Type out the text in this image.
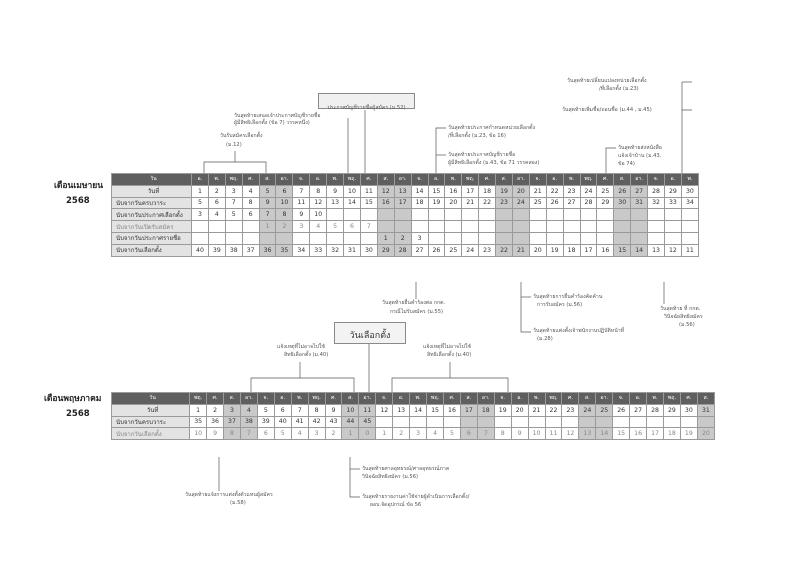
เดือนเมษายน
2568
วันรับสมัครเลือกตั้ง
(ม.12)
วันสุดท้ายเสนอเจ้าประกาศบัญชีรายชื่อ
ผู้มีสิทธิเลือกตั้ง (ข้อ 7) วรรคหนึ่ง)
ประกาศบัญชีรายชื่อผู้สมัคร (ม.52)
วันสุดท้ายประกาศกำหนดหน่วยเลือกตั้ง
/ที่เลือกตั้ง (ม.23, ข้อ 16)
วันสุดท้ายประกาศบัญชีรายชื่อ
ผู้มีสิทธิเลือกตั้ง (ม.43, ข้อ 71 วรรคสอง)
วันสุดท้ายเปลี่ยนแปลงหน่วยเลือกตั้ง
/ที่เลือกตั้ง (ม.23)
วันสุดท้ายเพิ่มชื่อ/ถอนชื่อ (ม.44 , ม.45)
วันสุดท้ายส่งหนังสือ
แจ้งเจ้าบ้าน (ม.43,
ข้อ 74)
วันสุดท้ายยื่นคำร้องต่อ กกต.
กรณีไม่รับสมัคร (ม.55)
วันสุดท้ายการยื่นคำร้องคัดค้าน
การรับสมัคร (ม.56)
วันสุดท้ายแต่งตั้งเจ้าพนักงานปฏิบัติหน้าที่
(ม.28)
วันสุดท้าย ที่ กกต.
วินิจฉัยสิทธิสมัคร
(ม.56)
วัน	อ.	พ.	พฤ.	ศ.	ส.	อา.	จ.	อ.	พ.	พฤ.	ศ.	ส.	อา.	จ.	อ.	พ.	พฤ.	ศ.	ส.	อา.	จ.	อ.	พ.	พฤ.	ศ.	ส.	อา.	จ.	อ.	พ.
วันที่	1	2	3	4	5	6	7	8	9	10	11	12	13	14	15	16	17	18	19	20	21	22	23	24	25	26	27	28	29	30
นับจากวันครบวาระ	5	6	7	8	9	10	11	12	13	14	15	16	17	18	19	20	21	22	23	24	25	26	27	28	29	30	31	32	33	34
นับจากวันประกาศเลือกตั้ง	3	4	5	6	7	8	9	10																						
นับจากวันเปิดรับสมัคร					1	2	3	4	5	6	7																			
นับจากวันประกาศรายชื่อ												1	2	3																
นับจากวันเลือกตั้ง	40	39	38	37	36	35	34	33	32	31	30	29	28	27	26	25	24	23	22	21	20	19	18	17	16	15	14	13	12	11
เดือนพฤษภาคม
2568
วันเลือกตั้ง
แจ้งเหตุที่ไม่อาจไปใช้
สิทธิเลือกตั้ง (ม.40)
แจ้งเหตุที่ไม่อาจไปใช้
สิทธิเลือกตั้ง (ม.40)
วันสุดท้ายแจ้งการแต่งตั้งตัวแทนผู้สมัคร
(ม.58)
วันสุดท้ายศาลอุทธรณ์/ศาลอุทธรณ์ภาค
วินิจฉัยสิทธิสมัคร (ม.56)
วันสุดท้ายรายงานค่าใช้จ่ายผู้ดำเนินการเลือกตั้ง/
ผอบ.จัดอุปกรณ์ ข้อ 56
วัน	พฤ.	ศ.	ส.	อา.	จ.	อ.	พ.	พฤ.	ศ.	ส.	อา.	จ.	อ.	พ.	พฤ.	ศ.	ส.	อา.	จ.	อ.	พ.	พฤ.	ศ.	ส.	อา.	จ.	อ.	พ.	พฤ.	ศ.	ส.
วันที่	1	2	3	4	5	6	7	8	9	10	11	12	13	14	15	16	17	18	19	20	21	22	23	24	25	26	27	28	29	30	31
นับจากวันครบวาระ	35	36	37	38	39	40	41	42	43	44	45																				
นับจากวันเลือกตั้ง	10	9	8	7	6	5	4	3	2	1	0	1	2	3	4	5	6	7	8	9	10	11	12	13	14	15	16	17	18	19	20
